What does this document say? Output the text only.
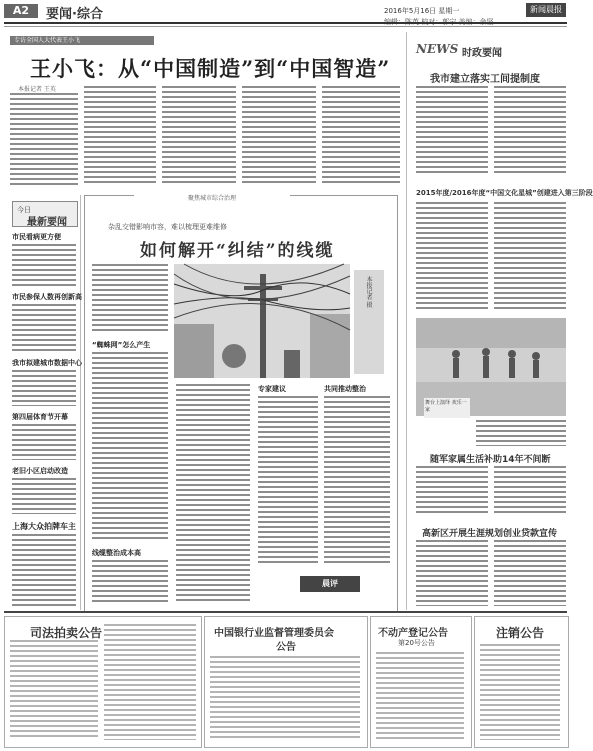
A2	要闻·综合	2016年5月16日 星期一	新闻晨报
专访全国人大代表王小飞
王小飞：从“中国制造”到“中国智造”
本报记者 王英
今日
最新要闻
市民看病更方便
市民参保人数再创新高
我市拟建城市数据中心
第四届体育节开幕
老旧小区启动改造
上海大众拍牌车主
聚焦城市综合治理
杂乱交错影响市容，难以梳理更难维修
如何解开“纠结”的线缆
“蜘蛛网”怎么产生
线缆整治成本高
本报记者 摄
专家建议	共同推动整治
晨评
NEWS 时政要闻
我市建立落实工间提制度
2015年度/2016年度“中国文化星城”创建进入第三阶段
舞台上演绎 欢乐一家
随军家属生活补助14年不间断
高新区开展生涯规划创业贷款宣传
司法拍卖公告	中国银行业监督管理委员会
公告
不动产登记公告
第20号公告
注销公告
